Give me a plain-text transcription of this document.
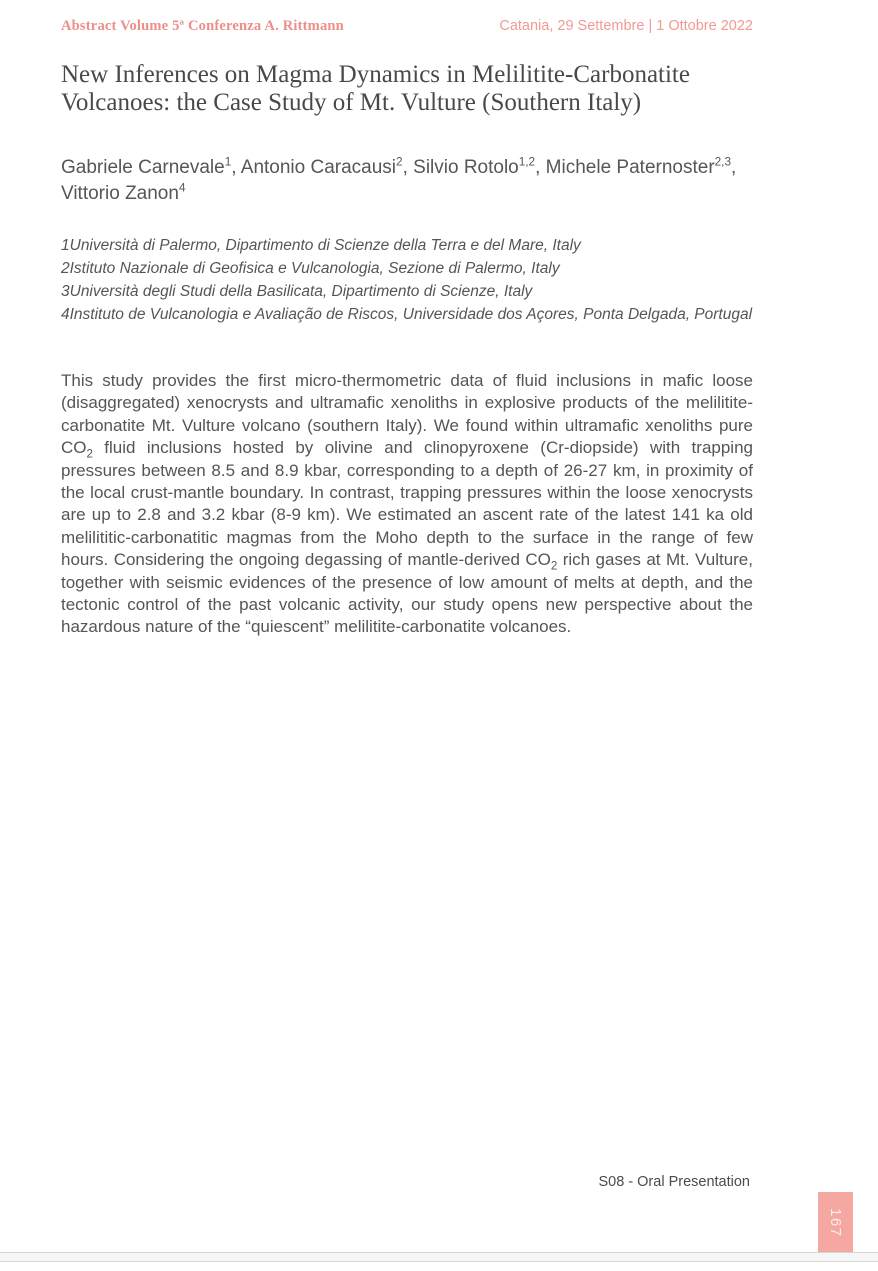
Abstract Volume 5ª Conferenza A. Rittmann	Catania, 29 Settembre | 1 Ottobre 2022
New Inferences on Magma Dynamics in Melilitite-Carbonatite Volcanoes: the Case Study of Mt. Vulture (Southern Italy)
Gabriele Carnevale$^1$, Antonio Caracausi$^2$, Silvio Rotolo$^{1,2}$, Michele Paternoster$^{2,3}$, Vittorio Zanon$^4$
1Università di Palermo, Dipartimento di Scienze della Terra e del Mare, Italy
2Istituto Nazionale di Geofisica e Vulcanologia, Sezione di Palermo, Italy
3Università degli Studi della Basilicata, Dipartimento di Scienze, Italy
4Instituto de Vulcanologia e Avaliação de Riscos, Universidade dos Açores, Ponta Delgada, Portugal

This study provides the first micro-thermometric data of fluid inclusions in mafic loose (disaggregated) xenocrysts and ultramafic xenoliths in explosive products of the melilitite-carbonatite Mt. Vulture volcano (southern Italy). We found within ultramafic xenoliths pure $CO_2$ fluid inclusions hosted by olivine and clinopyroxene (Cr-diopside) with trapping pressures between 8.5 and 8.9 kbar, corresponding to a depth of 26-27 km, in proximity of the local crust-mantle boundary. In contrast, trapping pressures within the loose xenocrysts are up to 2.8 and 3.2 kbar (8-9 km). We estimated an ascent rate of the latest 141 ka old melilititic-carbonatitic magmas from the Moho depth to the surface in the range of few hours. Considering the ongoing degassing of mantle-derived $CO_2$ rich gases at Mt. Vulture, together with seismic evidences of the presence of low amount of melts at depth, and the tectonic control of the past volcanic activity, our study opens new perspective about the hazardous nature of the “quiescent” melilitite-carbonatite volcanoes.

S08 - Oral Presentation
167
